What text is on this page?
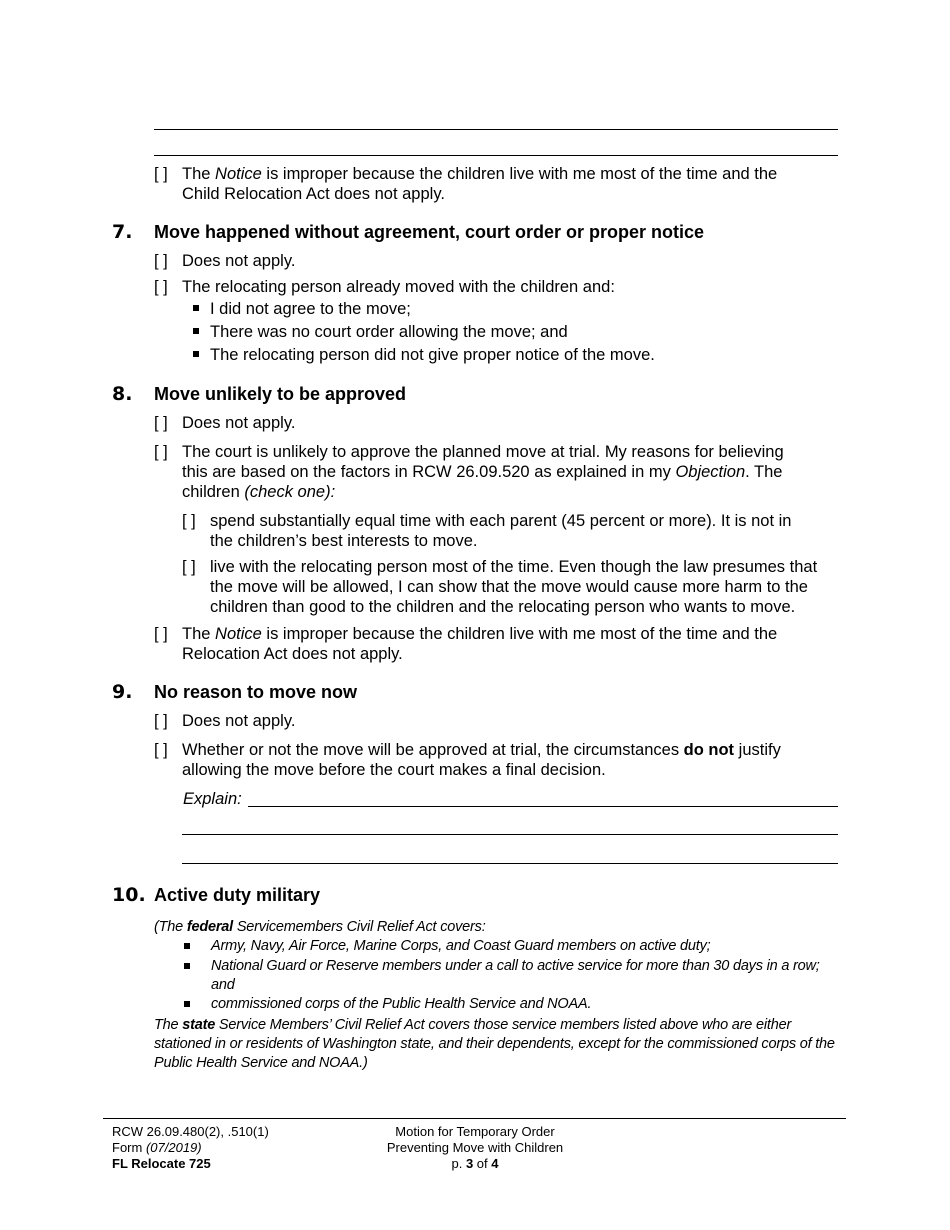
[ ] The Notice is improper because the children live with me most of the time and the
Child Relocation Act does not apply.
7. Move happened without agreement, court order or proper notice
[ ] Does not apply.
[ ] The relocating person already moved with the children and:
I did not agree to the move;
There was no court order allowing the move; and
The relocating person did not give proper notice of the move.
8. Move unlikely to be approved
[ ] Does not apply.
[ ] The court is unlikely to approve the planned move at trial. My reasons for believing
this are based on the factors in RCW 26.09.520 as explained in my Objection. The
children (check one):
[ ] spend substantially equal time with each parent (45 percent or more). It is not in
the children’s best interests to move.
[ ] live with the relocating person most of the time. Even though the law presumes that
the move will be allowed, I can show that the move would cause more harm to the
children than good to the children and the relocating person who wants to move.
[ ] The Notice is improper because the children live with me most of the time and the
Relocation Act does not apply.
9. No reason to move now
[ ] Does not apply.
[ ] Whether or not the move will be approved at trial, the circumstances do not justify
allowing the move before the court makes a final decision.
Explain:
10. Active duty military
(The federal Servicemembers Civil Relief Act covers:
Army, Navy, Air Force, Marine Corps, and Coast Guard members on active duty;
National Guard or Reserve members under a call to active service for more than 30 days in a row;
and
commissioned corps of the Public Health Service and NOAA.
The state Service Members’ Civil Relief Act covers those service members listed above who are either
stationed in or residents of Washington state, and their dependents, except for the commissioned corps of the
Public Health Service and NOAA.)
RCW 26.09.480(2), .510(1)
Form (07/2019)
FL Relocate 725
Motion for Temporary Order
Preventing Move with Children
p. 3 of 4
